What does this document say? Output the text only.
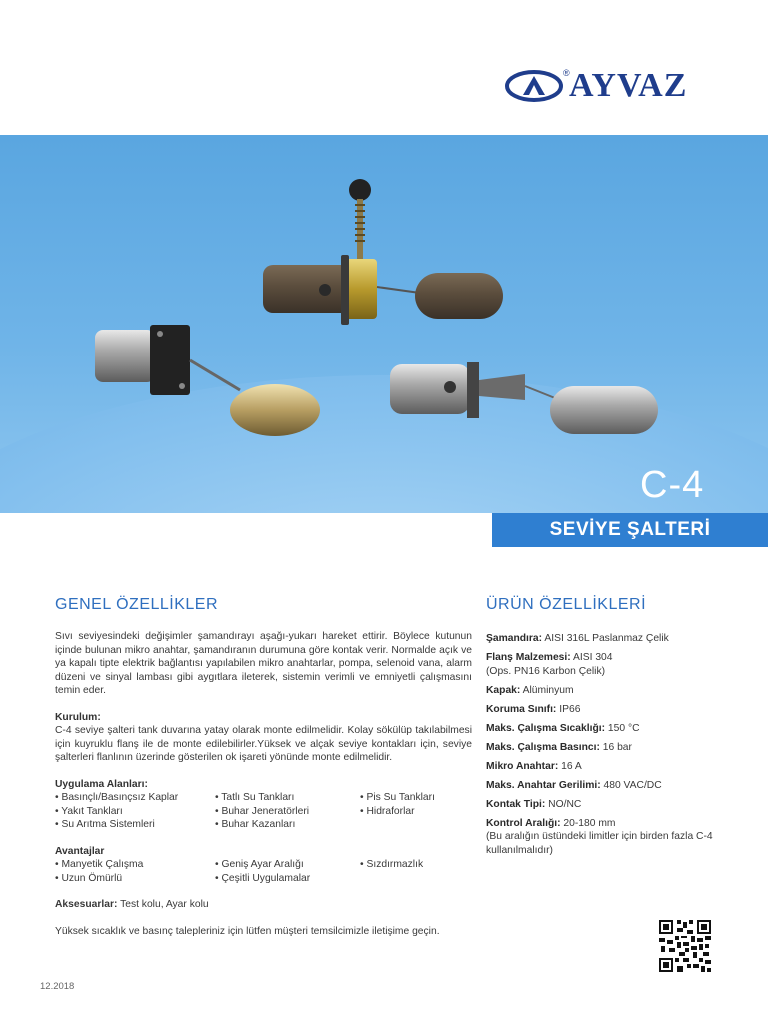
® AYVAZ
C-4
SEVİYE ŞALTERİ
GENEL ÖZELLİKLER

Sıvı seviyesindeki değişimler şamandırayı aşağı-yukarı hareket ettirir. Böylece kutunun içinde bulunan mikro anahtar, şamandıranın durumuna göre kontak verir. Normalde açık ve ya kapalı tipte elektrik bağlantısı yapılabilen mikro anahtarlar, pompa, selenoid vana, alarm düzeni ve sinyal lambası gibi aygıtlara ileterek, sistemin verimli ve emniyetli çalışmasını temin eder.

Kurulum:
C-4 seviye şalteri tank duvarına yatay olarak monte edilmelidir. Kolay sökülüp takılabilmesi için kuyruklu flanş ile de monte edilebilirler.Yüksek ve alçak seviye kontakları için, seviye şalterleri flanlının üzerinde gösterilen ok işareti yönünde monte edilmelidir.

Uygulama Alanları:
• Basınçlı/Basınçsız Kaplar	• Tatlı Su Tankları	• Pis Su Tankları
• Yakıt Tankları	• Buhar Jeneratörleri	• Hidraforlar
• Su Arıtma Sistemleri	• Buhar Kazanları
Avantajlar
• Manyetik Çalışma	• Geniş Ayar Aralığı	• Sızdırmazlık
• Uzun Ömürlü	• Çeşitli Uygulamalar

Aksesuarlar: Test kolu, Ayar kolu

Yüksek sıcaklık ve basınç talepleriniz için lütfen müşteri temsilcimizle iletişime geçin.

ÜRÜN ÖZELLİKLERİ
Şamandıra: AISI 316L Paslanmaz Çelik
Flanş Malzemesi: AISI 304
(Ops. PN16 Karbon Çelik)
Kapak: Alüminyum
Koruma Sınıfı: IP66
Maks. Çalışma Sıcaklığı: 150 °C
Maks. Çalışma Basıncı: 16 bar
Mikro Anahtar: 16 A
Maks. Anahtar Gerilimi: 480 VAC/DC
Kontak Tipi: NO/NC
Kontrol Aralığı: 20-180 mm
(Bu aralığın üstündeki limitler için birden fazla C-4 kullanılmalıdır)
12.2018
